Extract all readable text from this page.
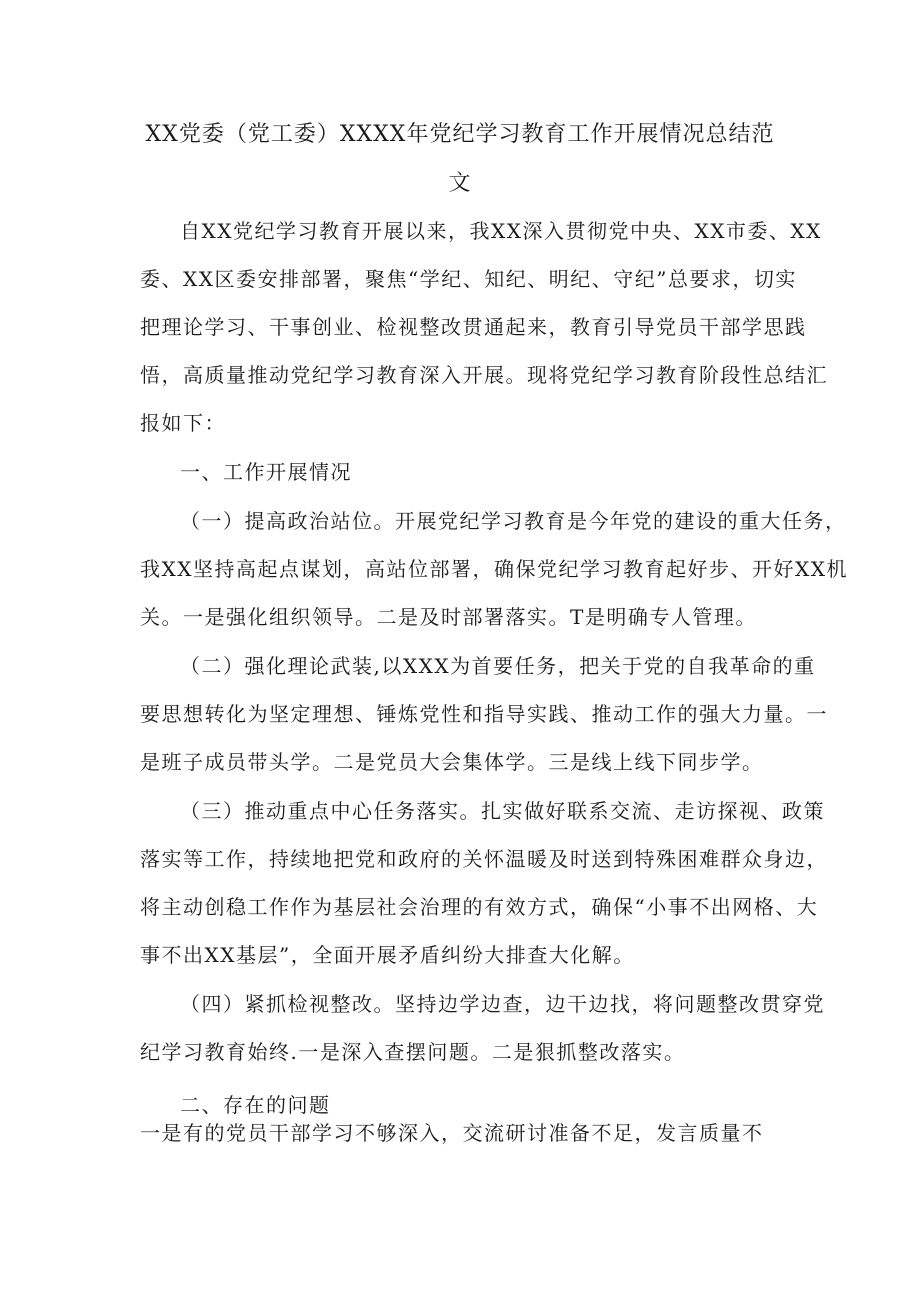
XX党委（党工委）XXXX年党纪学习教育工作开展情况总结范
文

自XX党纪学习教育开展以来，我XX深入贯彻党中央、XX市委、XX

委、XX区委安排部署，聚焦“学纪、知纪、明纪、守纪”总要求，切实

把理论学习、干事创业、检视整改贯通起来，教育引导党员干部学思践

悟，高质量推动党纪学习教育深入开展。现将党纪学习教育阶段性总结汇

报如下：

一、工作开展情况

（一）提高政治站位。开展党纪学习教育是今年党的建设的重大任务，

我XX坚持高起点谋划，高站位部署，确保党纪学习教育起好步、开好XX机

关。一是强化组织领导。二是及时部署落实。T是明确专人管理。

（二）强化理论武装,以XXX为首要任务，把关于党的自我革命的重

要思想转化为坚定理想、锤炼党性和指导实践、推动工作的强大力量。一

是班子成员带头学。二是党员大会集体学。三是线上线下同步学。

（三）推动重点中心任务落实。扎实做好联系交流、走访探视、政策

落实等工作，持续地把党和政府的关怀温暖及时送到特殊困难群众身边，

将主动创稳工作作为基层社会治理的有效方式，确保“小事不出网格、大

事不出XX基层”，全面开展矛盾纠纷大排查大化解。

（四）紧抓检视整改。坚持边学边查，边干边找，将问题整改贯穿党

纪学习教育始终.一是深入查摆问题。二是狠抓整改落实。

二、存在的问题

一是有的党员干部学习不够深入，交流研讨准备不足，发言质量不
